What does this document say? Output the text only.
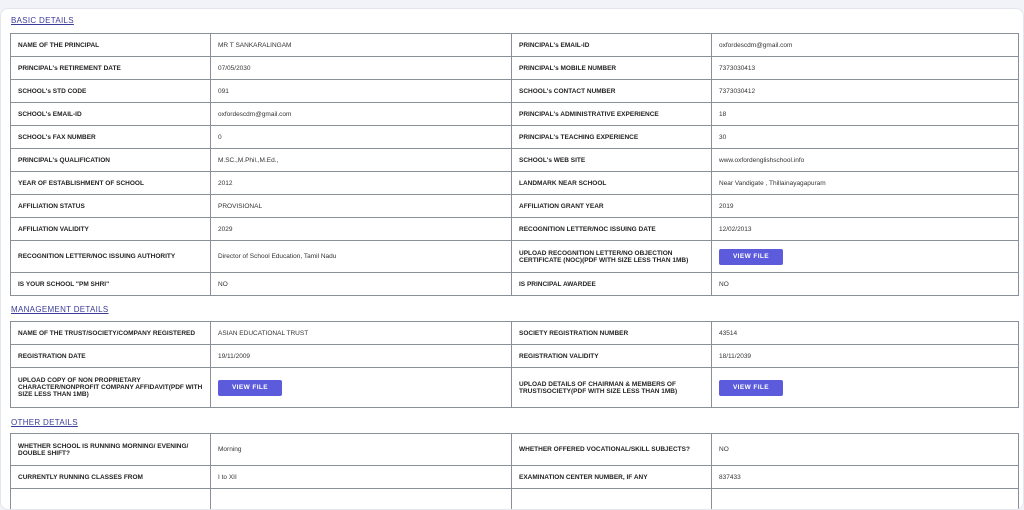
BASIC DETAILS
NAME OF THE PRINCIPAL	MR T SANKARALINGAM	PRINCIPAL's EMAIL-ID	oxfordescdm@gmail.com
PRINCIPAL's RETIREMENT DATE	07/05/2030	PRINCIPAL's MOBILE NUMBER	7373030413
SCHOOL's STD CODE	091	SCHOOL's CONTACT NUMBER	7373030412
SCHOOL's EMAIL-ID	oxfordescdm@gmail.com	PRINCIPAL's ADMINISTRATIVE EXPERIENCE	18
SCHOOL's FAX NUMBER	0	PRINCIPAL's TEACHING EXPERIENCE	30
PRINCIPAL's QUALIFICATION	M.SC.,M.Phil.,M.Ed.,	SCHOOL's WEB SITE	www.oxfordenglishschool.info
YEAR OF ESTABLISHMENT OF SCHOOL	2012	LANDMARK NEAR SCHOOL	Near Vandigate , Thillainayagapuram
AFFILIATION STATUS	PROVISIONAL	AFFILIATION GRANT YEAR	2019
AFFILIATION VALIDITY	2029	RECOGNITION LETTER/NOC ISSUING DATE	12/02/2013
RECOGNITION LETTER/NOC ISSUING AUTHORITY	Director of School Education, Tamil Nadu	UPLOAD RECOGNITION LETTER/NO OBJECTION CERTIFICATE (NOC)(PDF WITH SIZE LESS THAN 1MB)	VIEW FILE
IS YOUR SCHOOL "PM SHRI"	NO	IS PRINCIPAL AWARDEE	NO
MANAGEMENT DETAILS
NAME OF THE TRUST/SOCIETY/COMPANY REGISTERED	ASIAN EDUCATIONAL TRUST	SOCIETY REGISTRATION NUMBER	43514
REGISTRATION DATE	19/11/2009	REGISTRATION VALIDITY	18/11/2039
UPLOAD COPY OF NON PROPRIETARY CHARACTER/NONPROFIT COMPANY AFFIDAVIT(PDF WITH SIZE LESS THAN 1MB)	VIEW FILE	UPLOAD DETAILS OF CHAIRMAN & MEMBERS OF TRUST/SOCIETY(PDF WITH SIZE LESS THAN 1MB)	VIEW FILE
OTHER DETAILS
WHETHER SCHOOL IS RUNNING MORNING/ EVENING/ DOUBLE SHIFT?	Morning	WHETHER OFFERED VOCATIONAL/SKILL SUBJECTS?	NO
CURRENTLY RUNNING CLASSES FROM	I to XII	EXAMINATION CENTER NUMBER, IF ANY	837433
